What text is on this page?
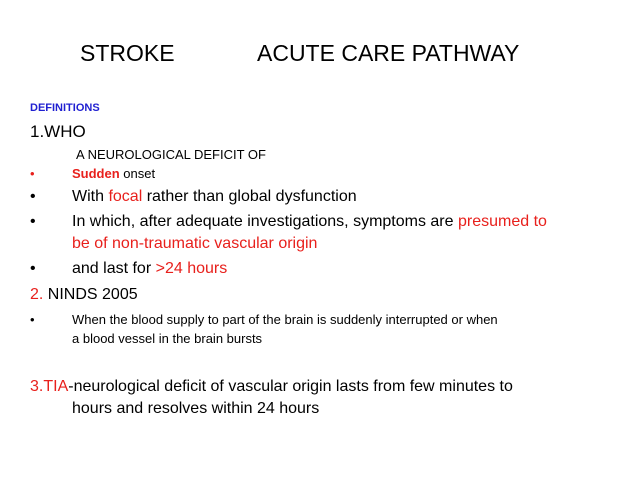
STROKE	ACUTE CARE PATHWAY
DEFINITIONS
1.WHO
A NEUROLOGICAL DEFICIT OF
•	Sudden onset
• With focal rather than global dysfunction
• In which, after adequate investigations, symptoms are presumed to
be of non-traumatic vascular origin
• and last for >24 hours
2. NINDS 2005
•	When the blood supply to part of the brain is suddenly interrupted or when
a blood vessel in the brain bursts
3.TIA-neurological deficit of vascular origin lasts from few minutes to
hours and resolves within 24 hours
